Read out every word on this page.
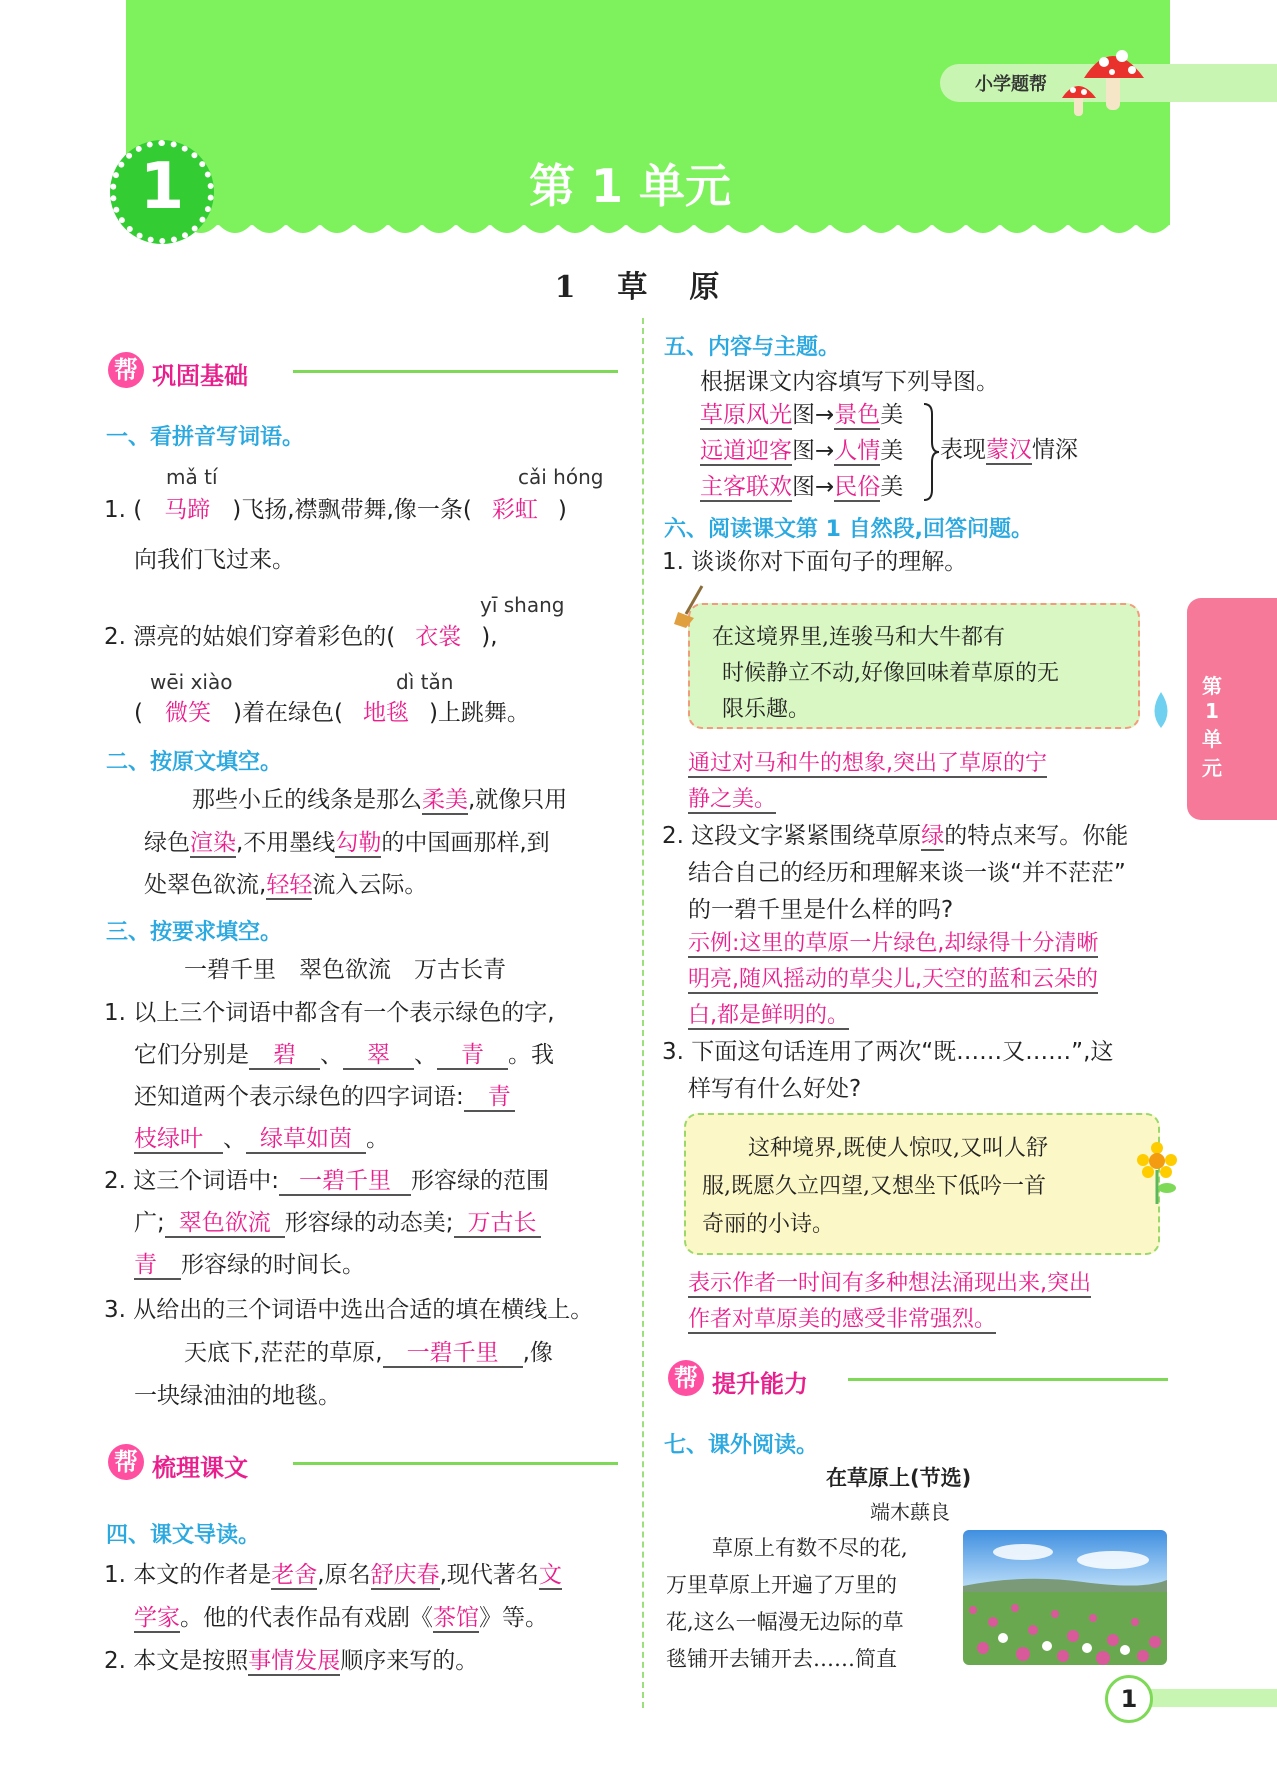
小学题帮
1	第 1 单元
1　草　原
第1单元
帮 巩固基础
一、看拼音写词语。
mǎ tí	cǎi hóng
1. ( 马蹄 )飞扬,襟飘带舞,像一条( 彩虹 )
向我们飞过来。
yī shang
2. 漂亮的姑娘们穿着彩色的( 衣裳 ),
wēi xiào	dì tǎn
( 微笑 )着在绿色( 地毯 )上跳舞。
二、按原文填空。
那些小丘的线条是那么柔美,就像只用
绿色渲染,不用墨线勾勒的中国画那样,到
处翠色欲流,轻轻流入云际。
三、按要求填空。
一碧千里　翠色欲流　万古长青
1. 以上三个词语中都含有一个表示绿色的字,
它们分别是 碧 、 翠 、 青 。我
还知道两个表示绿色的四字词语: 青
枝绿叶 、 绿草如茵 。
2. 这三个词语中: 一碧千里 形容绿的范围
广; 翠色欲流 形容绿的动态美; 万古长
青 形容绿的时间长。
3. 从给出的三个词语中选出合适的填在横线上。
天底下,茫茫的草原, 一碧千里 ,像
一块绿油油的地毯。
帮 梳理课文
四、课文导读。
1. 本文的作者是老舍,原名舒庆春,现代著名文
学家。他的代表作品有戏剧《茶馆》等。
2. 本文是按照事情发展顺序来写的。
五、内容与主题。
根据课文内容填写下列导图。
草原风光图→景色美
远道迎客图→人情美
主客联欢图→民俗美
表现蒙汉情深
六、阅读课文第 1 自然段,回答问题。
1. 谈谈你对下面句子的理解。
在这境界里,连骏马和大牛都有
时候静立不动,好像回味着草原的无
限乐趣。
通过对马和牛的想象,突出了草原的宁
静之美。
2. 这段文字紧紧围绕草原绿的特点来写。你能
结合自己的经历和理解来谈一谈“并不茫茫”
的一碧千里是什么样的吗?
示例:这里的草原一片绿色,却绿得十分清晰
明亮,随风摇动的草尖儿,天空的蓝和云朵的
白,都是鲜明的。
3. 下面这句话连用了两次“既……又……”,这
样写有什么好处?
这种境界,既使人惊叹,又叫人舒
服,既愿久立四望,又想坐下低吟一首
奇丽的小诗。
表示作者一时间有多种想法涌现出来,突出
作者对草原美的感受非常强烈。
帮 提升能力
七、课外阅读。
在草原上(节选)
端木蕻良
草原上有数不尽的花,
万里草原上开遍了万里的
花,这么一幅漫无边际的草
毯铺开去铺开去……简直
1
